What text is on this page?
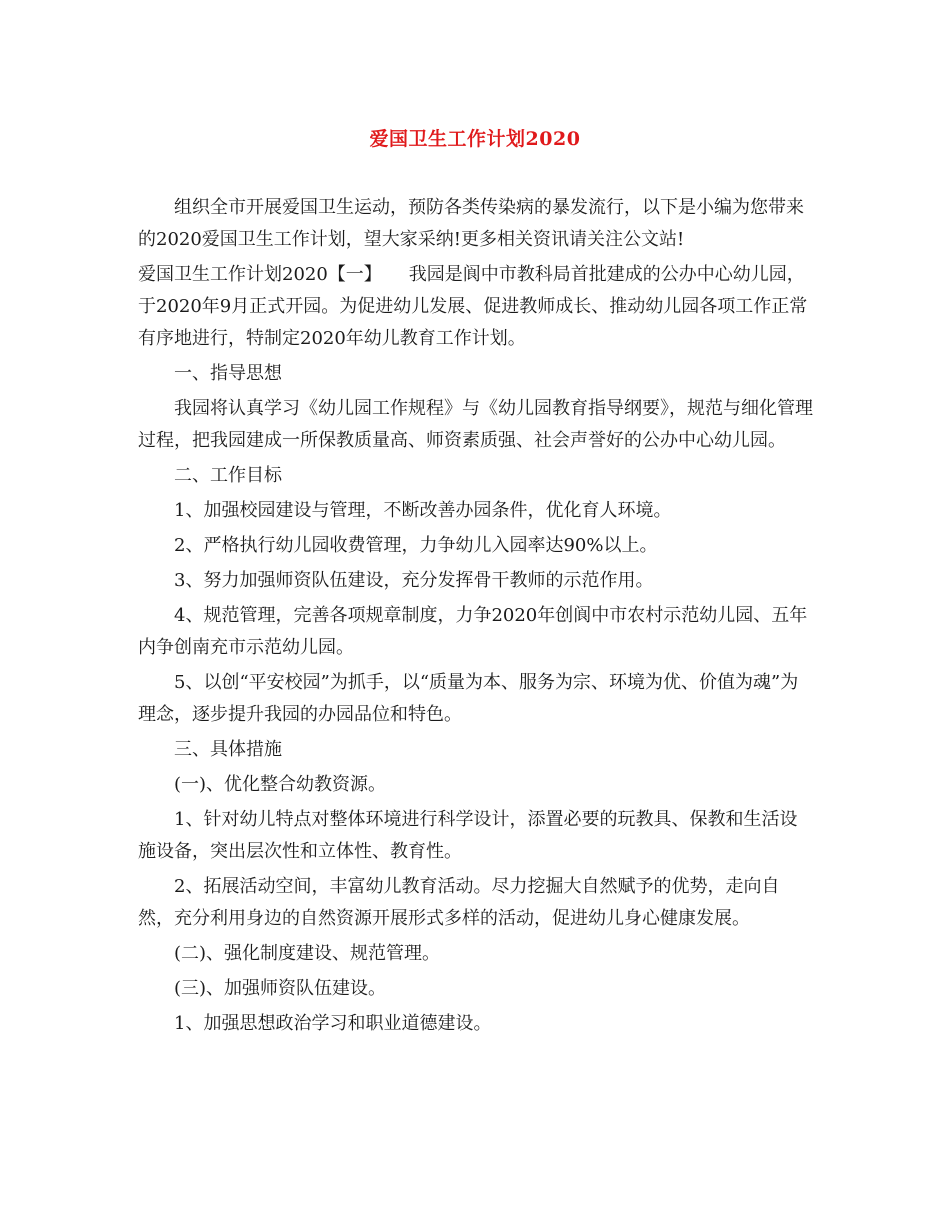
爱国卫生工作计划2020

组织全市开展爱国卫生运动，预防各类传染病的暴发流行，以下是小编为您带来的2020爱国卫生工作计划，望大家采纳!更多相关资讯请关注公文站!

爱国卫生工作计划2020【一】　　我园是阆中市教科局首批建成的公办中心幼儿园，于2020年9月正式开园。为促进幼儿发展、促进教师成长、推动幼儿园各项工作正常有序地进行，特制定2020年幼儿教育工作计划。

一、指导思想

我园将认真学习《幼儿园工作规程》与《幼儿园教育指导纲要》，规范与细化管理过程，把我园建成一所保教质量高、师资素质强、社会声誉好的公办中心幼儿园。

二、工作目标

1、加强校园建设与管理，不断改善办园条件，优化育人环境。

2、严格执行幼儿园收费管理，力争幼儿入园率达90%以上。

3、努力加强师资队伍建设，充分发挥骨干教师的示范作用。

4、规范管理，完善各项规章制度，力争2020年创阆中市农村示范幼儿园、五年内争创南充市示范幼儿园。

5、以创“平安校园”为抓手，以“质量为本、服务为宗、环境为优、价值为魂”为理念，逐步提升我园的办园品位和特色。

三、具体措施

(一)、优化整合幼教资源。

1、针对幼儿特点对整体环境进行科学设计，添置必要的玩教具、保教和生活设施设备，突出层次性和立体性、教育性。

2、拓展活动空间，丰富幼儿教育活动。尽力挖掘大自然赋予的优势，走向自然，充分利用身边的自然资源开展形式多样的活动，促进幼儿身心健康发展。

(二)、强化制度建设、规范管理。

(三)、加强师资队伍建设。

1、加强思想政治学习和职业道德建设。
